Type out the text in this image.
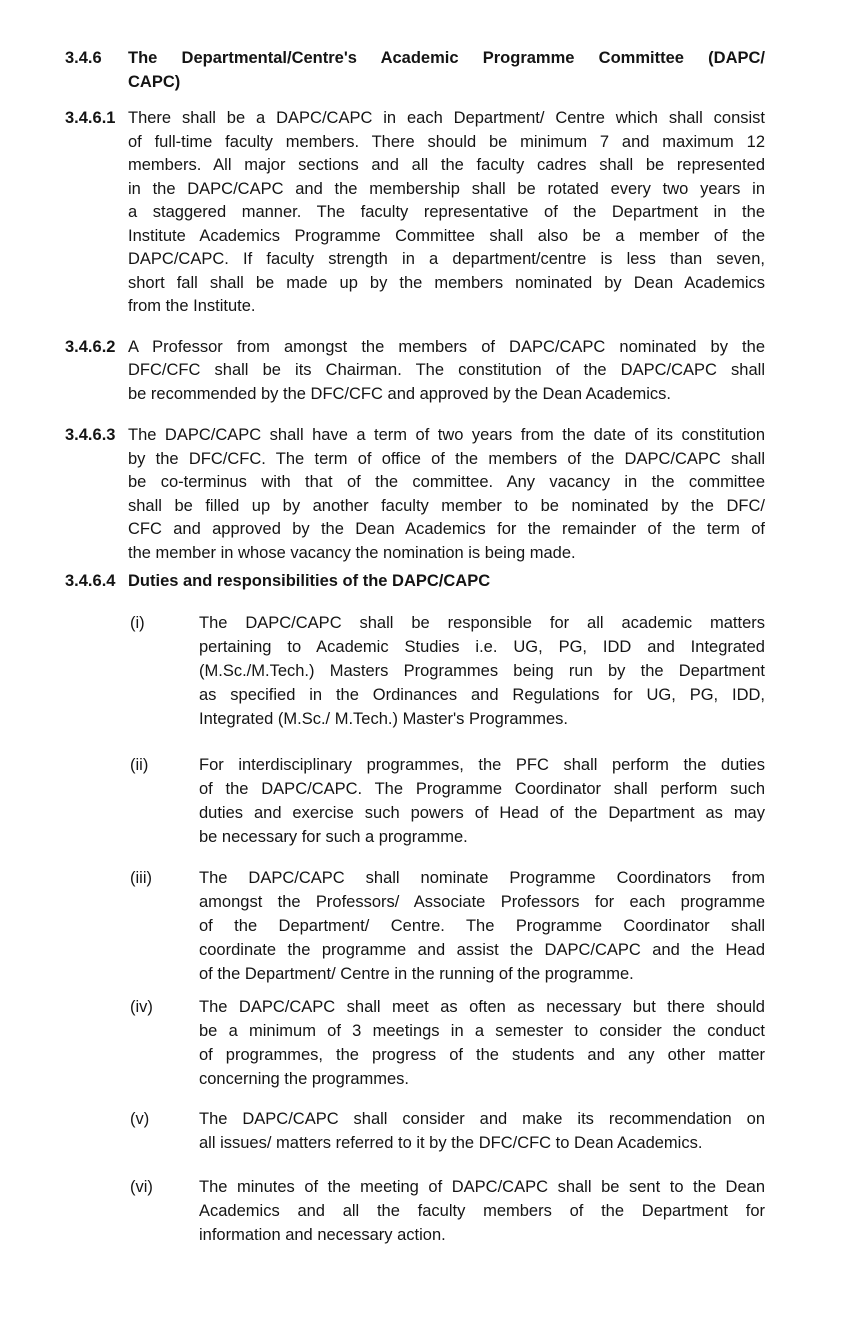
3.4.6	The Departmental/Centre's Academic Programme Committee (DAPC/
CAPC)
3.4.6.1 There shall be a DAPC/CAPC in each Department/ Centre which shall consist
of full-time faculty members. There should be minimum 7 and maximum 12
members. All major sections and all the faculty cadres shall be represented
in the DAPC/CAPC and the membership shall be rotated every two years in
a staggered manner. The faculty representative of the Department in the
Institute Academics Programme Committee shall also be a member of the
DAPC/CAPC. If faculty strength in a department/centre is less than seven,
short fall shall be made up by the members nominated by Dean Academics
from the Institute.
3.4.6.2 A Professor from amongst the members of DAPC/CAPC nominated by the
DFC/CFC shall be its Chairman. The constitution of the DAPC/CAPC shall
be recommended by the DFC/CFC and approved by the Dean Academics.
3.4.6.3 The DAPC/CAPC shall have a term of two years from the date of its constitution
by the DFC/CFC. The term of office of the members of the DAPC/CAPC shall
be co-terminus with that of the committee. Any vacancy in the committee
shall be filled up by another faculty member to be nominated by the DFC/
CFC and approved by the Dean Academics for the remainder of the term of
the member in whose vacancy the nomination is being made.
3.4.6.4 Duties and responsibilities of the DAPC/CAPC
(i)	The DAPC/CAPC shall be responsible for all academic matters
pertaining to Academic Studies i.e. UG, PG, IDD and Integrated
(M.Sc./M.Tech.) Masters Programmes being run by the Department
as specified in the Ordinances and Regulations for UG, PG, IDD,
Integrated (M.Sc./ M.Tech.) Master's Programmes.
(ii)	For interdisciplinary programmes, the PFC shall perform the duties
of the DAPC/CAPC. The Programme Coordinator shall perform such
duties and exercise such powers of Head of the Department as may
be necessary for such a programme.
(iii)	The DAPC/CAPC shall nominate Programme Coordinators from
amongst the Professors/ Associate Professors for each programme
of the Department/ Centre. The Programme Coordinator shall
coordinate the programme and assist the DAPC/CAPC and the Head
of the Department/ Centre in the running of the programme.
(iv)	The DAPC/CAPC shall meet as often as necessary but there should
be a minimum of 3 meetings in a semester to consider the conduct
of programmes, the progress of the students and any other matter
concerning the programmes.
(v)	The DAPC/CAPC shall consider and make its recommendation on
all issues/ matters referred to it by the DFC/CFC to Dean Academics.
(vi)	The minutes of the meeting of DAPC/CAPC shall be sent to the Dean
Academics and all the faculty members of the Department for
information and necessary action.
